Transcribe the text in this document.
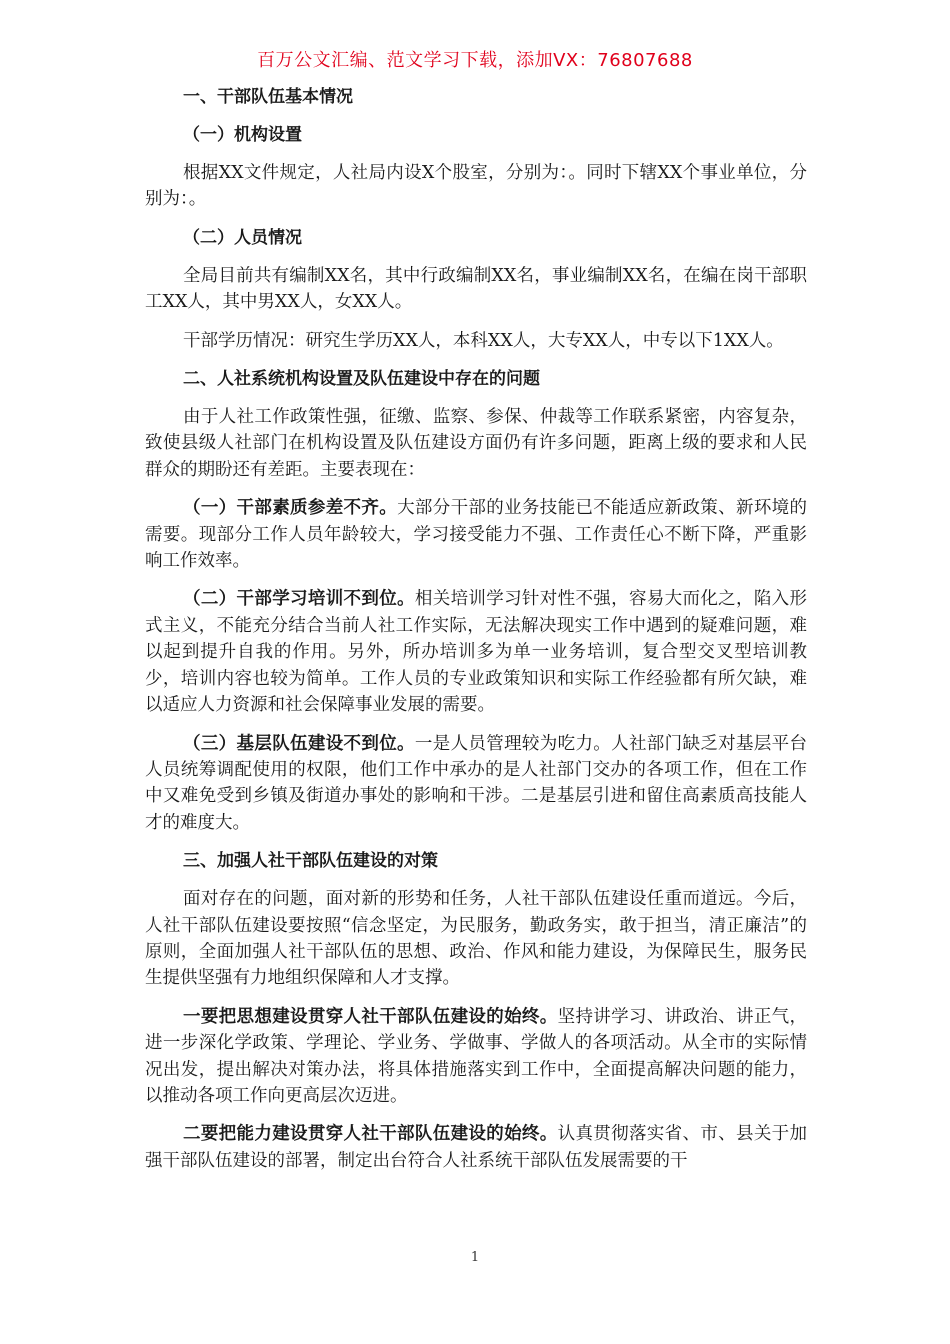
百万公文汇编、范文学习下载，添加VX：76807688
一、干部队伍基本情况
（一）机构设置
根据XX文件规定，人社局内设X个股室，分别为：。同时下辖XX个事业单位，分别为：。
（二）人员情况
全局目前共有编制XX名，其中行政编制XX名，事业编制XX名，在编在岗干部职工XX人，其中男XX人，女XX人。
干部学历情况：研究生学历XX人，本科XX人，大专XX人，中专以下1XX人。
二、人社系统机构设置及队伍建设中存在的问题
由于人社工作政策性强，征缴、监察、参保、仲裁等工作联系紧密，内容复杂，致使县级人社部门在机构设置及队伍建设方面仍有许多问题，距离上级的要求和人民群众的期盼还有差距。主要表现在：
（一）干部素质参差不齐。大部分干部的业务技能已不能适应新政策、新环境的需要。现部分工作人员年龄较大，学习接受能力不强、工作责任心不断下降，严重影响工作效率。
（二）干部学习培训不到位。相关培训学习针对性不强，容易大而化之，陷入形式主义，不能充分结合当前人社工作实际，无法解决现实工作中遇到的疑难问题，难以起到提升自我的作用。另外，所办培训多为单一业务培训，复合型交叉型培训教少，培训内容也较为简单。工作人员的专业政策知识和实际工作经验都有所欠缺，难以适应人力资源和社会保障事业发展的需要。
（三）基层队伍建设不到位。一是人员管理较为吃力。人社部门缺乏对基层平台人员统筹调配使用的权限，他们工作中承办的是人社部门交办的各项工作，但在工作中又难免受到乡镇及街道办事处的影响和干涉。二是基层引进和留住高素质高技能人才的难度大。
三、加强人社干部队伍建设的对策
面对存在的问题，面对新的形势和任务，人社干部队伍建设任重而道远。今后，人社干部队伍建设要按照“信念坚定，为民服务，勤政务实，敢于担当，清正廉洁”的原则，全面加强人社干部队伍的思想、政治、作风和能力建设，为保障民生，服务民生提供坚强有力地组织保障和人才支撑。
一要把思想建设贯穿人社干部队伍建设的始终。坚持讲学习、讲政治、讲正气，进一步深化学政策、学理论、学业务、学做事、学做人的各项活动。从全市的实际情况出发，提出解决对策办法，将具体措施落实到工作中，全面提高解决问题的能力，以推动各项工作向更高层次迈进。
二要把能力建设贯穿人社干部队伍建设的始终。认真贯彻落实省、市、县关于加强干部队伍建设的部署，制定出台符合人社系统干部队伍发展需要的干
1
